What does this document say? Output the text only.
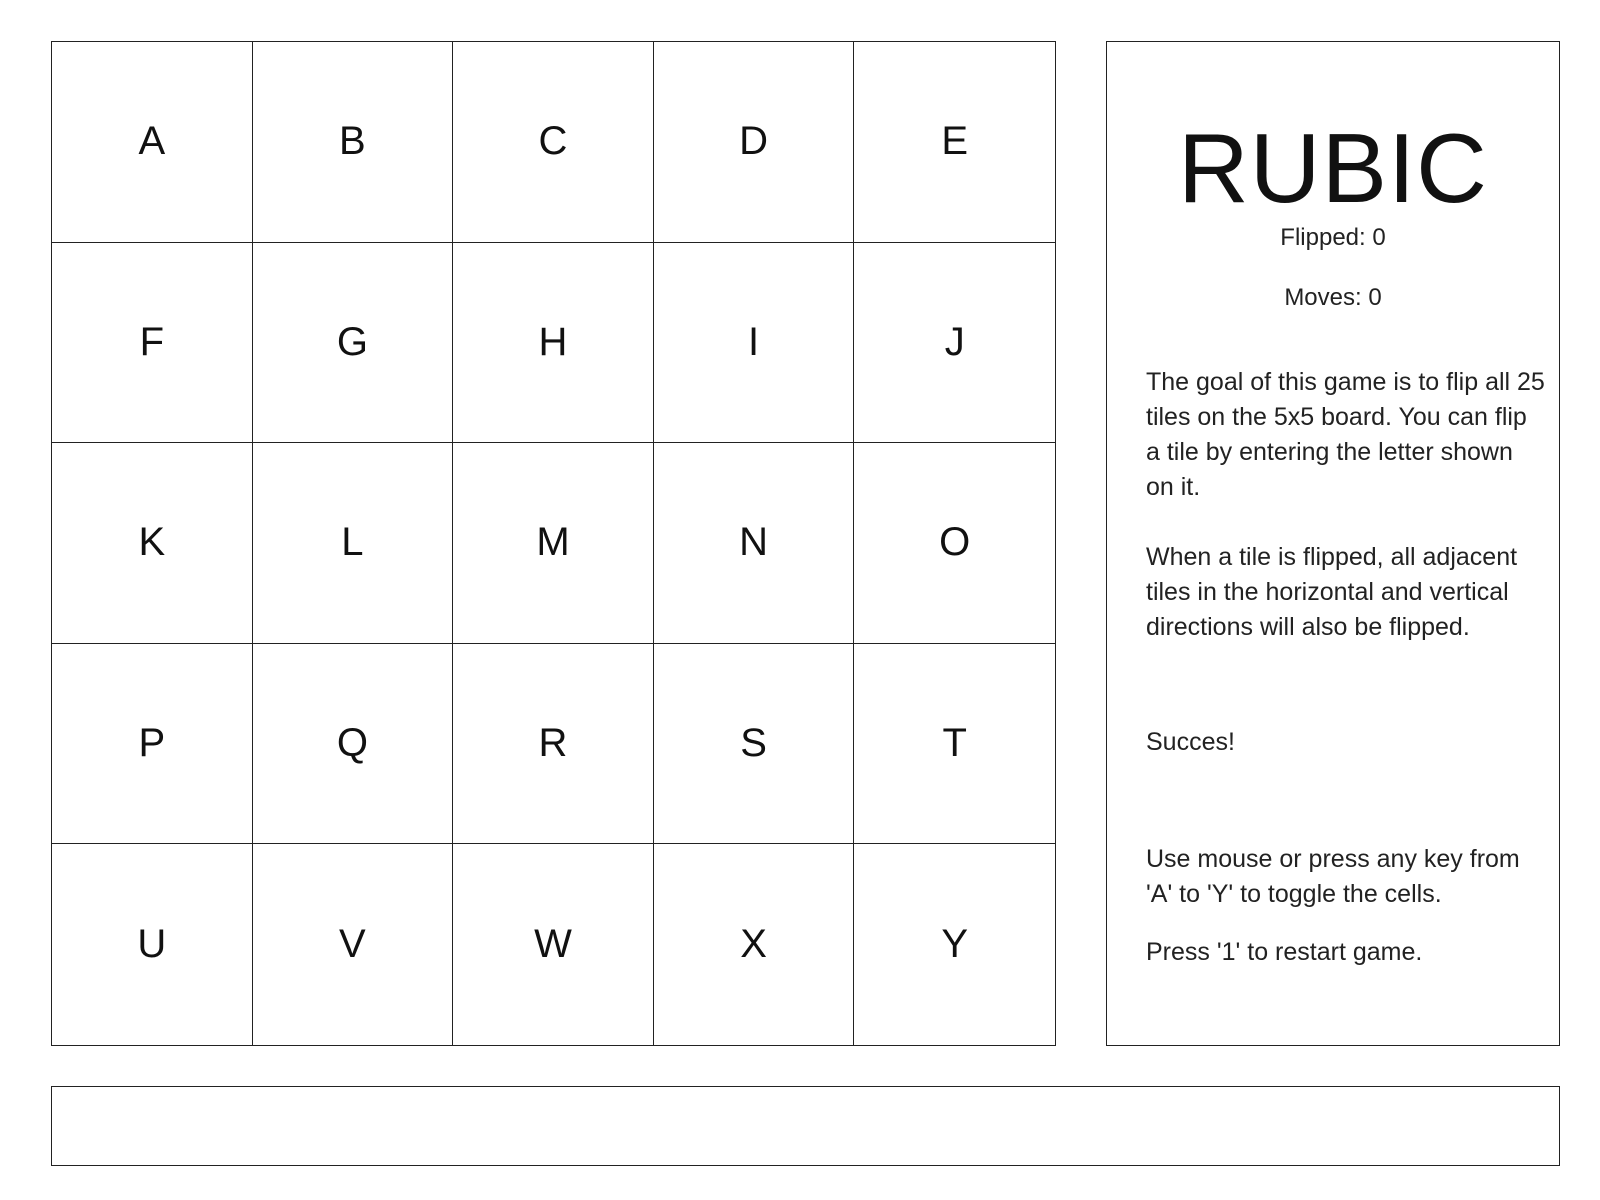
A	B	C	D	E
F	G	H	I	J
K	L	M	N	O
P	Q	R	S	T
U	V	W	X	Y
RUBIC
Flipped: 0
Moves: 0

The goal of this game is to flip all 25 tiles on the 5x5 board. You can flip a tile by entering the letter shown on it.

When a tile is flipped, all adjacent tiles in the horizontal and vertical directions will also be flipped.

Succes!

Use mouse or press any key from 'A' to 'Y' to toggle the cells.

Press '1' to restart game.
